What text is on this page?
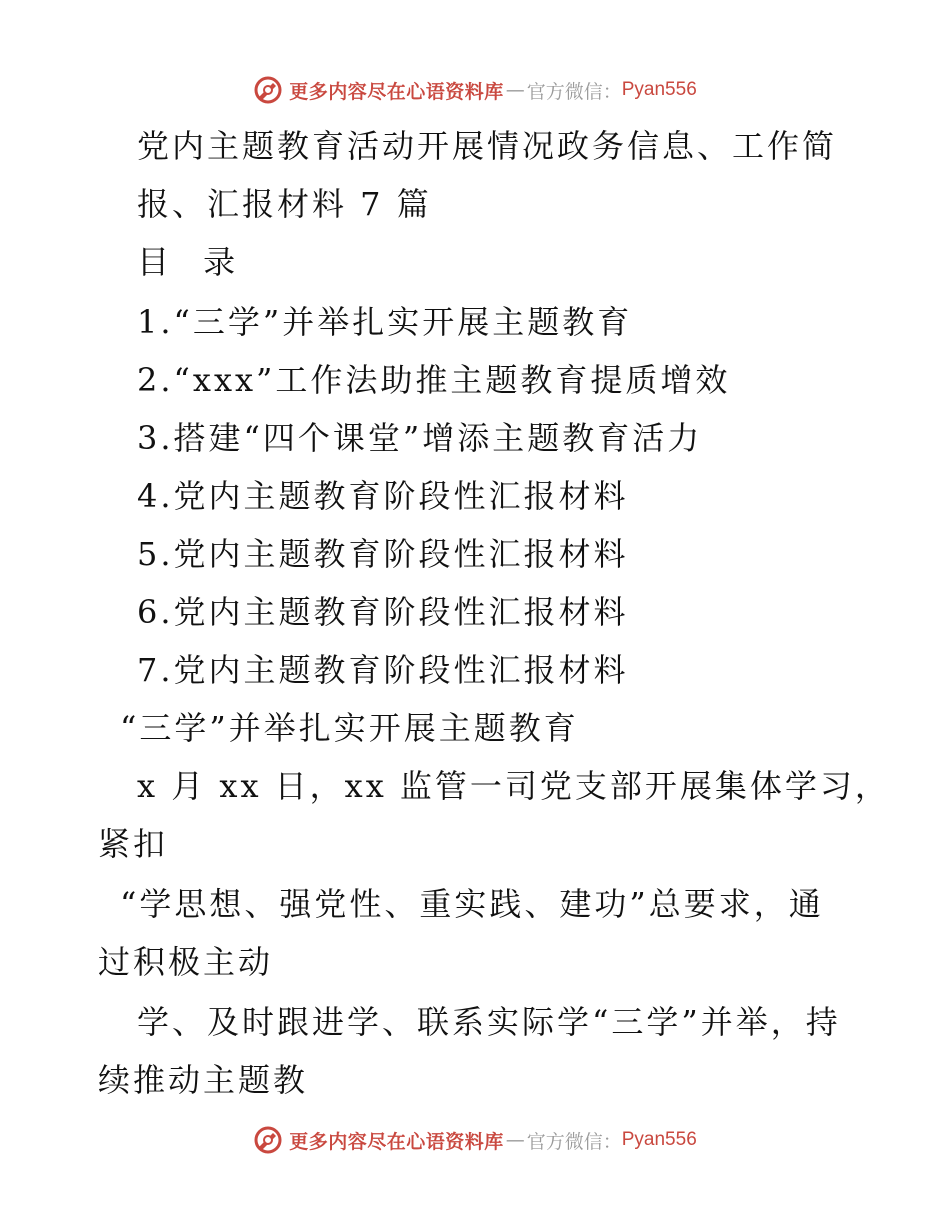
更多内容尽在心语资料库 — 官方微信： Pyan556
党内主题教育活动开展情况政务信息、工作简
报、汇报材料 7 篇
目 录
1.“三学”并举扎实开展主题教育
2.“xxx”工作法助推主题教育提质增效
3.搭建“四个课堂”增添主题教育活力
4.党内主题教育阶段性汇报材料
5.党内主题教育阶段性汇报材料
6.党内主题教育阶段性汇报材料
7.党内主题教育阶段性汇报材料
“三学”并举扎实开展主题教育
x 月 xx 日，xx 监管一司党支部开展集体学习，
紧扣
“学思想、强党性、重实践、建功”总要求，通
过积极主动
学、及时跟进学、联系实际学“三学”并举，持
续推动主题教
更多内容尽在心语资料库 — 官方微信： Pyan556
